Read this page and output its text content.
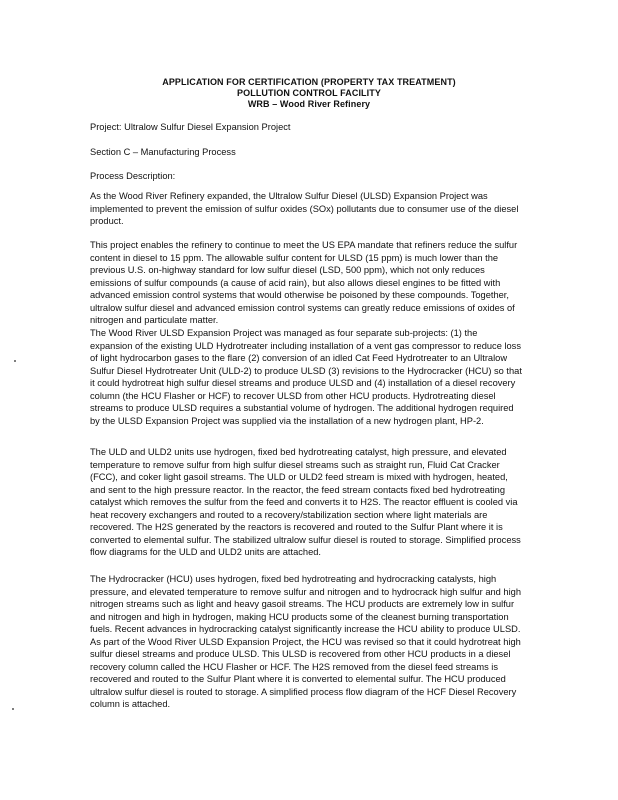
APPLICATION FOR CERTIFICATION (PROPERTY TAX TREATMENT)
POLLUTION CONTROL FACILITY
WRB – Wood River Refinery

Project: Ultralow Sulfur Diesel Expansion Project

Section C – Manufacturing Process

Process Description:

As the Wood River Refinery expanded, the Ultralow Sulfur Diesel (ULSD) Expansion Project was implemented to prevent the emission of sulfur oxides (SOx) pollutants due to consumer use of the diesel product.

This project enables the refinery to continue to meet the US EPA mandate that refiners reduce the sulfur content in diesel to 15 ppm. The allowable sulfur content for ULSD (15 ppm) is much lower than the previous U.S. on-highway standard for low sulfur diesel (LSD, 500 ppm), which not only reduces emissions of sulfur compounds (a cause of acid rain), but also allows diesel engines to be fitted with advanced emission control systems that would otherwise be poisoned by these compounds. Together, ultralow sulfur diesel and advanced emission control systems can greatly reduce emissions of oxides of nitrogen and particulate matter.

The Wood River ULSD Expansion Project was managed as four separate sub-projects: (1) the expansion of the existing ULD Hydrotreater including installation of a vent gas compressor to reduce loss of light hydrocarbon gases to the flare (2) conversion of an idled Cat Feed Hydrotreater to an Ultralow Sulfur Diesel Hydrotreater Unit (ULD-2) to produce ULSD (3) revisions to the Hydrocracker (HCU) so that it could hydrotreat high sulfur diesel streams and produce ULSD and (4) installation of a diesel recovery column (the HCU Flasher or HCF) to recover ULSD from other HCU products. Hydrotreating diesel streams to produce ULSD requires a substantial volume of hydrogen. The additional hydrogen required by the ULSD Expansion Project was supplied via the installation of a new hydrogen plant, HP-2.

The ULD and ULD2 units use hydrogen, fixed bed hydrotreating catalyst, high pressure, and elevated temperature to remove sulfur from high sulfur diesel streams such as straight run, Fluid Cat Cracker (FCC), and coker light gasoil streams. The ULD or ULD2 feed stream is mixed with hydrogen, heated, and sent to the high pressure reactor. In the reactor, the feed stream contacts fixed bed hydrotreating catalyst which removes the sulfur from the feed and converts it to H2S. The reactor effluent is cooled via heat recovery exchangers and routed to a recovery/stabilization section where light materials are recovered. The H2S generated by the reactors is recovered and routed to the Sulfur Plant where it is converted to elemental sulfur. The stabilized ultralow sulfur diesel is routed to storage. Simplified process flow diagrams for the ULD and ULD2 units are attached.

The Hydrocracker (HCU) uses hydrogen, fixed bed hydrotreating and hydrocracking catalysts, high pressure, and elevated temperature to remove sulfur and nitrogen and to hydrocrack high sulfur and high nitrogen streams such as light and heavy gasoil streams. The HCU products are extremely low in sulfur and nitrogen and high in hydrogen, making HCU products some of the cleanest burning transportation fuels. Recent advances in hydrocracking catalyst significantly increase the HCU ability to produce ULSD. As part of the Wood River ULSD Expansion Project, the HCU was revised so that it could hydrotreat high sulfur diesel streams and produce ULSD. This ULSD is recovered from other HCU products in a diesel recovery column called the HCU Flasher or HCF. The H2S removed from the diesel feed streams is recovered and routed to the Sulfur Plant where it is converted to elemental sulfur. The HCU produced ultralow sulfur diesel is routed to storage. A simplified process flow diagram of the HCF Diesel Recovery column is attached.
